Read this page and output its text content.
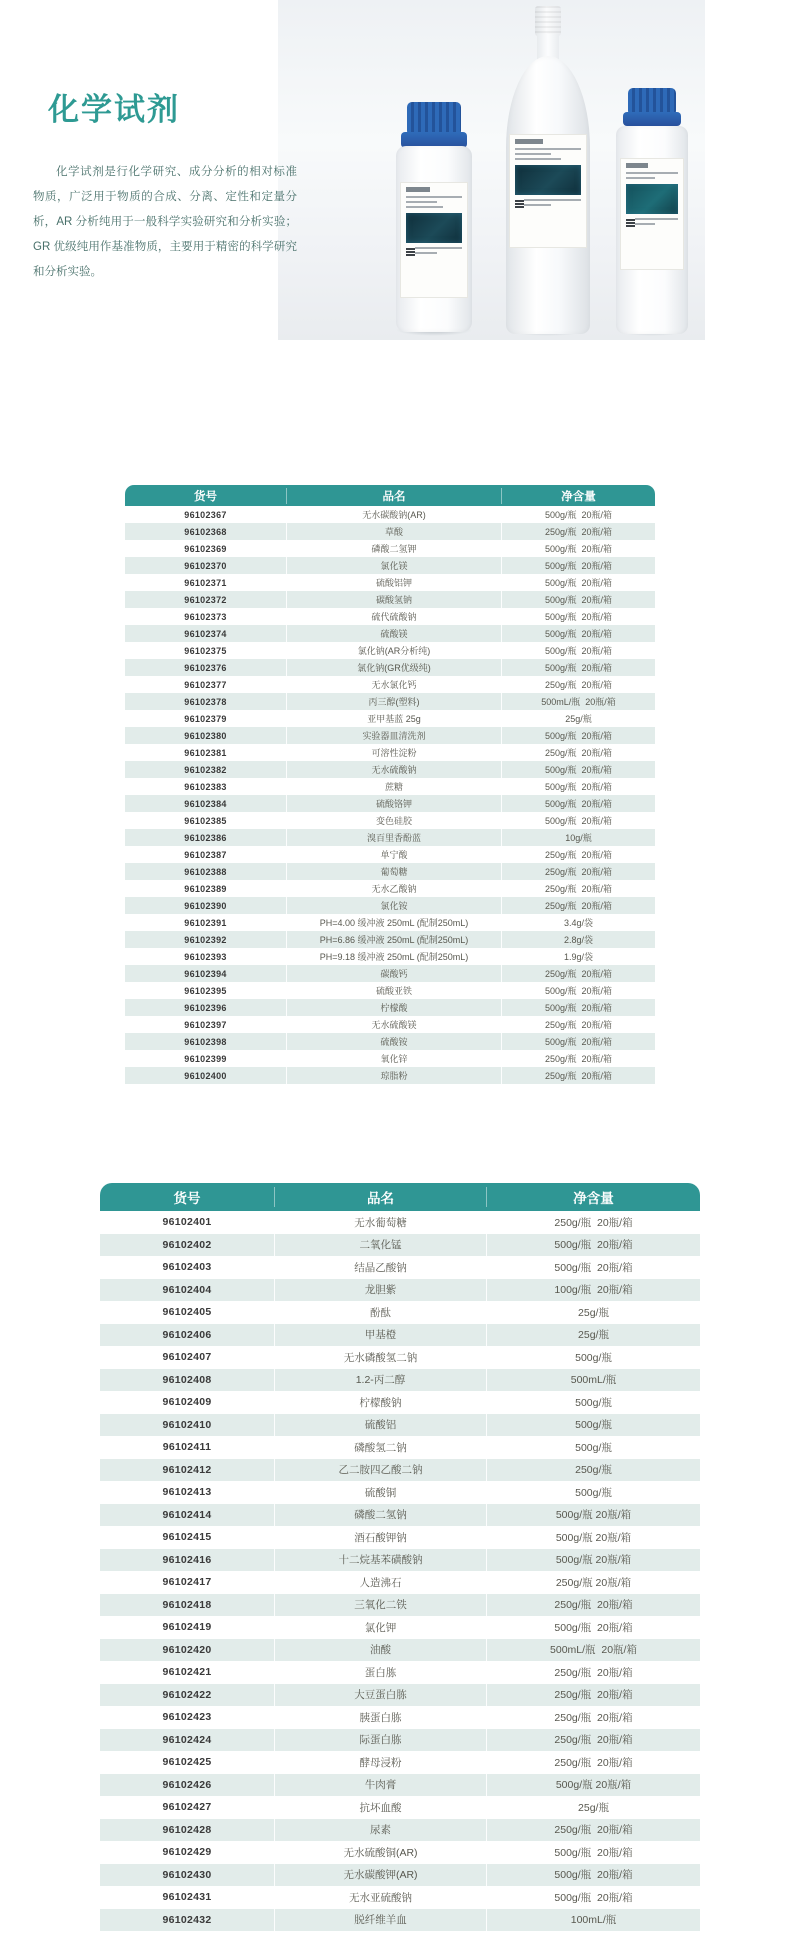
化学试剂

化学试剂是行化学研究、成分分析的相对标准物质，广泛用于物质的合成、分离、定性和定量分析，AR 分析纯用于一般科学实验研究和分析实验；GR 优级纯用作基准物质，主要用于精密的科学研究和分析实验。

货号	品名	净含量
96102367	无水碳酸钠(AR)	500g/瓶  20瓶/箱
96102368	草酸	250g/瓶  20瓶/箱
96102369	磷酸二氢钾	500g/瓶  20瓶/箱
96102370	氯化镁	500g/瓶  20瓶/箱
96102371	硫酸铝钾	500g/瓶  20瓶/箱
96102372	碳酸氢钠	500g/瓶  20瓶/箱
96102373	硫代硫酸钠	500g/瓶  20瓶/箱
96102374	硫酸镁	500g/瓶  20瓶/箱
96102375	氯化钠(AR分析纯)	500g/瓶  20瓶/箱
96102376	氯化钠(GR优级纯)	500g/瓶  20瓶/箱
96102377	无水氯化钙	250g/瓶  20瓶/箱
96102378	丙三醇(塑料)	500mL/瓶  20瓶/箱
96102379	亚甲基蓝 25g	25g/瓶
96102380	实验器皿清洗剂	500g/瓶  20瓶/箱
96102381	可溶性淀粉	250g/瓶  20瓶/箱
96102382	无水硫酸钠	500g/瓶  20瓶/箱
96102383	蔗糖	500g/瓶  20瓶/箱
96102384	硫酸铬钾	500g/瓶  20瓶/箱
96102385	变色硅胶	500g/瓶  20瓶/箱
96102386	溴百里香酚蓝	10g/瓶
96102387	单宁酸	250g/瓶  20瓶/箱
96102388	葡萄糖	250g/瓶  20瓶/箱
96102389	无水乙酸钠	250g/瓶  20瓶/箱
96102390	氯化铵	250g/瓶  20瓶/箱
96102391	PH=4.00 缓冲液 250mL (配制250mL)	3.4g/袋
96102392	PH=6.86 缓冲液 250mL (配制250mL)	2.8g/袋
96102393	PH=9.18 缓冲液 250mL (配制250mL)	1.9g/袋
96102394	碳酸钙	250g/瓶  20瓶/箱
96102395	硫酸亚铁	500g/瓶  20瓶/箱
96102396	柠檬酸	500g/瓶  20瓶/箱
96102397	无水硫酸镁	250g/瓶  20瓶/箱
96102398	硫酸铵	500g/瓶  20瓶/箱
96102399	氧化锌	250g/瓶  20瓶/箱
96102400	琼脂粉	250g/瓶  20瓶/箱
货号	品名	净含量
96102401	无水葡萄糖	250g/瓶  20瓶/箱
96102402	二氧化锰	500g/瓶  20瓶/箱
96102403	结晶乙酸钠	500g/瓶  20瓶/箱
96102404	龙胆紫	100g/瓶  20瓶/箱
96102405	酚酞	25g/瓶
96102406	甲基橙	25g/瓶
96102407	无水磷酸氢二钠	500g/瓶
96102408	1.2-丙二醇	500mL/瓶
96102409	柠檬酸钠	500g/瓶
96102410	硫酸铝	500g/瓶
96102411	磷酸氢二钠	500g/瓶
96102412	乙二胺四乙酸二钠	250g/瓶
96102413	硫酸铜	500g/瓶
96102414	磷酸二氢钠	500g/瓶 20瓶/箱
96102415	酒石酸钾钠	500g/瓶 20瓶/箱
96102416	十二烷基苯磺酸钠	500g/瓶 20瓶/箱
96102417	人造沸石	250g/瓶 20瓶/箱
96102418	三氧化二铁	250g/瓶  20瓶/箱
96102419	氯化钾	500g/瓶  20瓶/箱
96102420	油酸	500mL/瓶  20瓶/箱
96102421	蛋白胨	250g/瓶  20瓶/箱
96102422	大豆蛋白胨	250g/瓶  20瓶/箱
96102423	胰蛋白胨	250g/瓶  20瓶/箱
96102424	际蛋白胨	250g/瓶  20瓶/箱
96102425	酵母浸粉	250g/瓶  20瓶/箱
96102426	牛肉膏	500g/瓶 20瓶/箱
96102427	抗坏血酸	25g/瓶
96102428	尿素	250g/瓶  20瓶/箱
96102429	无水硫酸铜(AR)	500g/瓶  20瓶/箱
96102430	无水碳酸钾(AR)	500g/瓶  20瓶/箱
96102431	无水亚硫酸钠	500g/瓶  20瓶/箱
96102432	脱纤维羊血	100mL/瓶
